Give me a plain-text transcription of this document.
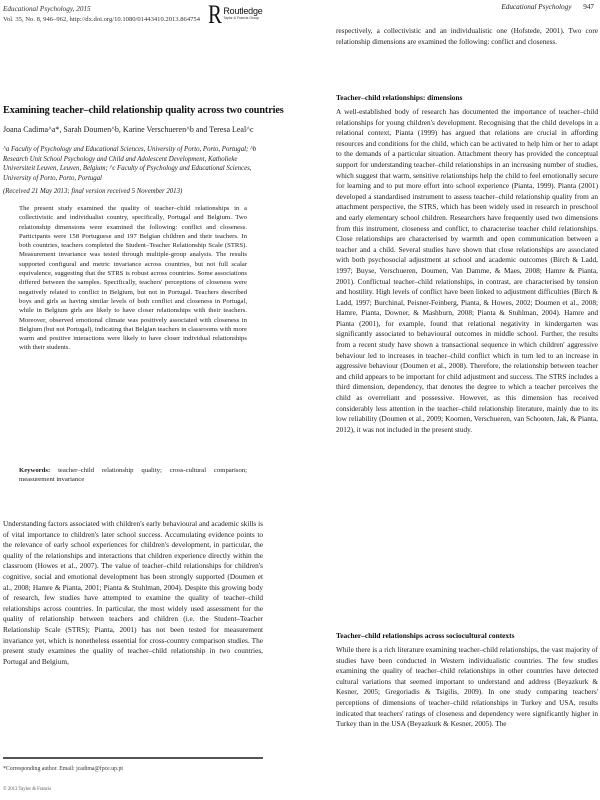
Educational Psychology, 2015
Vol. 35, No. 8, 946–962, http://dx.doi.org/10.1080/01443410.2013.864754 R Routledge
Taylor & Francis Group
Examining teacher–child relationship quality across two countries
Joana Cadima^a*, Sarah Doumen^b, Karine Verschueren^b and Teresa Leal^c
^a Faculty of Psychology and Educational Sciences, University of Porto, Porto, Portugal; ^b Research Unit School Psychology and Child and Adolescent Development, Katholieke Universiteit Leuven, Leuven, Belgium; ^c Faculty of Psychology and Educational Sciences, University of Porto, Porto, Portugal
(Received 21 May 2013; final version received 5 November 2013)
The present study examined the quality of teacher–child relationships in a collectivistic and individualist country, specifically, Portugal and Belgium. Two relationship dimensions were examined the following: conflict and closeness. Participants were 158 Portuguese and 197 Belgian children and their teachers. In both countries, teachers completed the Student–Teacher Relationship Scale (STRS). Measurement invariance was tested through multiple-group analysis. The results supported configural and metric invariance across countries, but not full scalar equivalence, suggesting that the STRS is robust across countries. Some associations differed between the samples. Specifically, teachers' perceptions of closeness were negatively related to conflict in Belgium, but not in Portugal. Teachers described boys and girls as having similar levels of both conflict and closeness in Portugal, while in Belgium girls are likely to have closer relationships with their teachers. Moreover, observed emotional climate was positively associated with closeness in Belgium (but not Portugal), indicating that Belgian teachers in classrooms with more warm and positive interactions were likely to have closer individual relationships with their students.
Keywords: teacher–child relationship quality; cross-cultural comparison; measurement invariance
Understanding factors associated with children's early behavioural and academic skills is of vital importance to children's later school success. Accumulating evidence points to the relevance of early school experiences for children's development, in particular, the quality of the relationships and interactions that children experience directly within the classroom (Howes et al., 2007). The value of teacher–child relationships for children's cognitive, social and emotional development has been strongly supported (Doumen et al., 2008; Hamre & Pianta, 2001; Pianta & Stuhlman, 2004). Despite this growing body of research, few studies have attempted to examine the quality of teacher–child relationships across countries. In particular, the most widely used assessment for the quality of relationship between teachers and children (i.e. the Student–Teacher Relationship Scale (STRS); Pianta, 2001) has not been tested for measurement invariance yet, which is nonetheless essential for cross-country comparison studies. The present study examines the quality of teacher–child relationship in two countries, Portugal and Belgium,
*Corresponding author. Email: jcadima@fpce.up.pt
© 2013 Taylor & Francis
Educational Psychology 947
respectively, a collectivistic and an individualistic one (Hofstede, 2001). Two core relationship dimensions are examined the following: conflict and closeness.
Teacher–child relationships: dimensions
A well-established body of research has documented the importance of teacher–child relationships for young children's development. Recognising that the child develops in a relational context, Pianta (1999) has argued that relations are crucial in affording resources and conditions for the child, which can be activated to help him or her to adapt to the demands of a particular situation. Attachment theory has provided the conceptual support for understanding teacher–child relationships in an increasing number of studies, which suggest that warm, sensitive relationships help the child to feel emotionally secure for learning and to put more effort into school experience (Pianta, 1999). Pianta (2001) developed a standardised instrument to assess teacher–child relationship quality from an attachment perspective, the STRS, which has been widely used in research in preschool and early elementary school children. Researchers have frequently used two dimensions from this instrument, closeness and conflict, to characterise teacher child relationships. Close relationships are characterised by warmth and open communication between a teacher and a child. Several studies have shown that close relationships are associated with both psychosocial adjustment at school and academic outcomes (Birch & Ladd, 1997; Buyse, Verschueren, Doumen, Van Damme, & Maes, 2008; Hamre & Pianta, 2001). Conflictual teacher–child relationships, in contrast, are characterised by tension and hostility. High levels of conflict have been linked to adjustment difficulties (Birch & Ladd, 1997; Burchinal, Peisner-Feinberg, Pianta, & Howes, 2002; Doumen et al., 2008; Hamre, Pianta, Downer, & Mashburn, 2008; Pianta & Stuhlman, 2004). Hamre and Pianta (2001), for example, found that relational negativity in kindergarten was significantly associated to behavioural outcomes in middle school. Further, the results from a recent study have shown a transactional sequence in which children' aggressive behaviour led to increases in teacher–child conflict which in turn led to an increase in aggressive behaviour (Doumen et al., 2008). Therefore, the relationship between teacher and child appears to be important for child adjustment and success. The STRS includes a third dimension, dependency, that denotes the degree to which a teacher perceives the child as overreliant and possessive. However, as this dimension has received considerably less attention in the teacher–child relationship literature, mainly due to its low reliability (Doumen et al., 2009; Koomen, Verschueren, van Schooten, Jak, & Pianta, 2012), it was not included in the present study.
Teacher–child relationships across sociocultural contexts
While there is a rich literature examining teacher–child relationships, the vast majority of studies have been conducted in Western individualistic countries. The few studies examining the quality of teacher–child relationships in other countries have detected cultural variations that seemed important to understand and address (Beyazkurk & Kesner, 2005; Gregoriadis & Tsigilis, 2009). In one study comparing teachers' perceptions of dimensions of teacher–child relationships in Turkey and USA, results indicated that teachers' ratings of closeness and dependency were significantly higher in Turkey than in the USA (Beyazkurk & Kesner, 2005). The
